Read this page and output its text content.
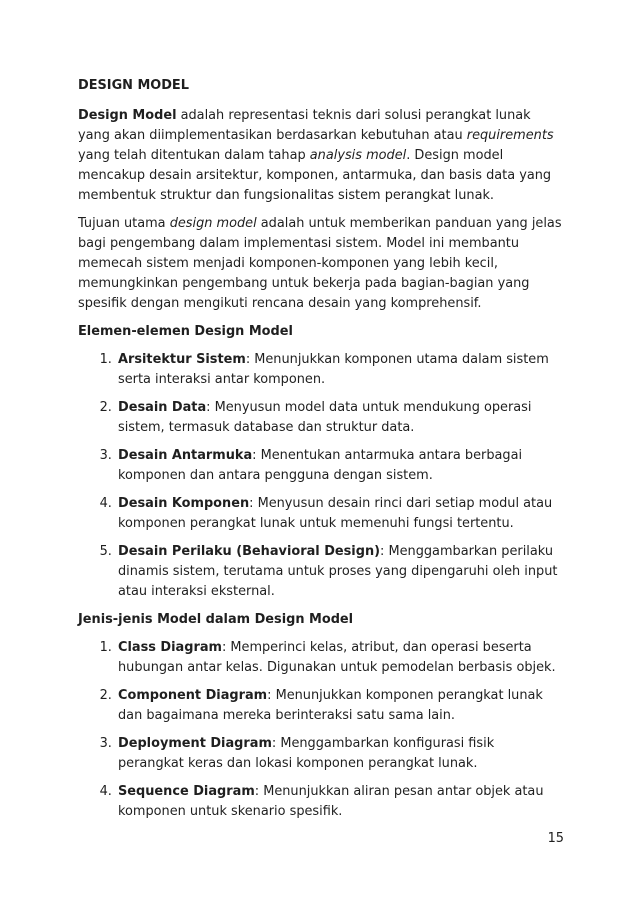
DESIGN MODEL

Design Model adalah representasi teknis dari solusi perangkat lunak yang akan diimplementasikan berdasarkan kebutuhan atau requirements yang telah ditentukan dalam tahap analysis model. Design model mencakup desain arsitektur, komponen, antarmuka, dan basis data yang membentuk struktur dan fungsionalitas sistem perangkat lunak.

Tujuan utama design model adalah untuk memberikan panduan yang jelas bagi pengembang dalam implementasi sistem. Model ini membantu memecah sistem menjadi komponen-komponen yang lebih kecil, memungkinkan pengembang untuk bekerja pada bagian-bagian yang spesifik dengan mengikuti rencana desain yang komprehensif.

Elemen-elemen Design Model
1. Arsitektur Sistem: Menunjukkan komponen utama dalam sistem serta interaksi antar komponen.
2. Desain Data: Menyusun model data untuk mendukung operasi sistem, termasuk database dan struktur data.
3. Desain Antarmuka: Menentukan antarmuka antara berbagai komponen dan antara pengguna dengan sistem.
4. Desain Komponen: Menyusun desain rinci dari setiap modul atau komponen perangkat lunak untuk memenuhi fungsi tertentu.
5. Desain Perilaku (Behavioral Design): Menggambarkan perilaku dinamis sistem, terutama untuk proses yang dipengaruhi oleh input atau interaksi eksternal.
Jenis-jenis Model dalam Design Model
1. Class Diagram: Memperinci kelas, atribut, dan operasi beserta hubungan antar kelas. Digunakan untuk pemodelan berbasis objek.
2. Component Diagram: Menunjukkan komponen perangkat lunak dan bagaimana mereka berinteraksi satu sama lain.
3. Deployment Diagram: Menggambarkan konfigurasi fisik perangkat keras dan lokasi komponen perangkat lunak.
4. Sequence Diagram: Menunjukkan aliran pesan antar objek atau komponen untuk skenario spesifik.
15
